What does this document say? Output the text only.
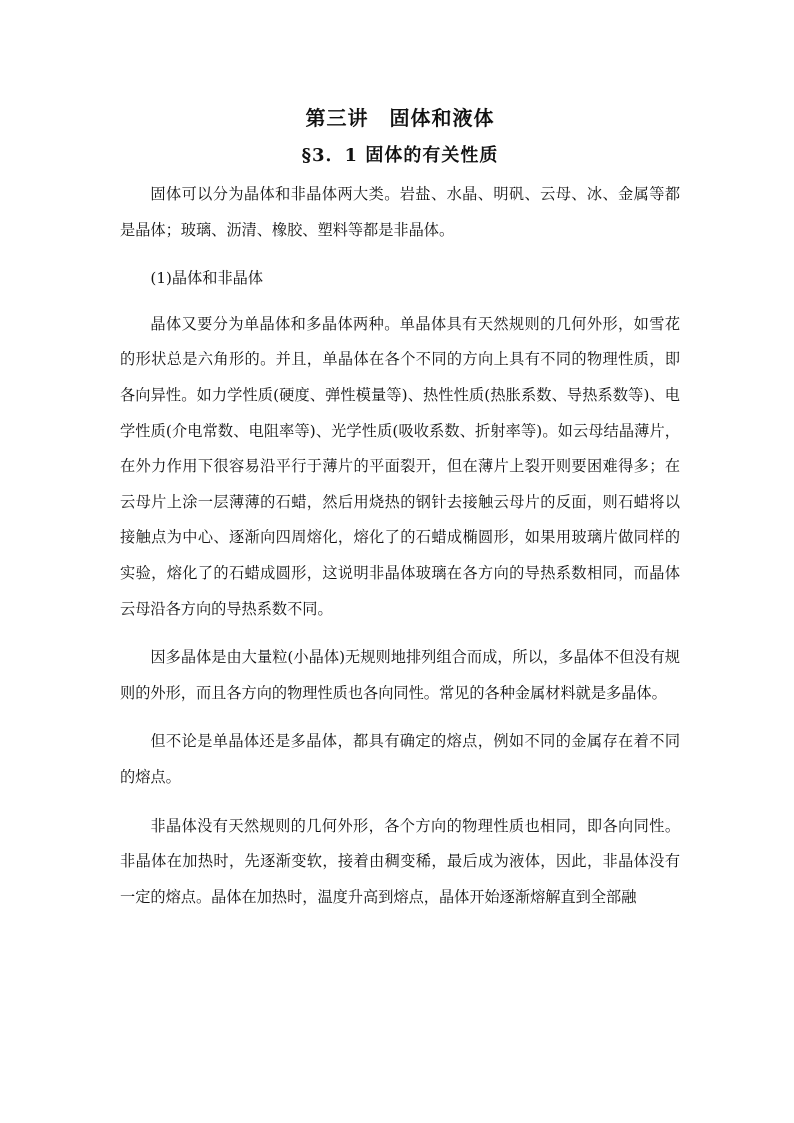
第三讲　固体和液体
§3．1 固体的有关性质

固体可以分为晶体和非晶体两大类。岩盐、水晶、明矾、云母、冰、金属等都是晶体；玻璃、沥清、橡胶、塑料等都是非晶体。

(1)晶体和非晶体

晶体又要分为单晶体和多晶体两种。单晶体具有天然规则的几何外形，如雪花的形状总是六角形的。并且，单晶体在各个不同的方向上具有不同的物理性质，即各向异性。如力学性质(硬度、弹性模量等)、热性性质(热胀系数、导热系数等)、电学性质(介电常数、电阻率等)、光学性质(吸收系数、折射率等)。如云母结晶薄片，在外力作用下很容易沿平行于薄片的平面裂开，但在薄片上裂开则要困难得多；在云母片上涂一层薄薄的石蜡，然后用烧热的钢针去接触云母片的反面，则石蜡将以接触点为中心、逐渐向四周熔化，熔化了的石蜡成椭圆形，如果用玻璃片做同样的实验，熔化了的石蜡成圆形，这说明非晶体玻璃在各方向的导热系数相同，而晶体云母沿各方向的导热系数不同。

因多晶体是由大量粒(小晶体)无规则地排列组合而成，所以，多晶体不但没有规则的外形，而且各方向的物理性质也各向同性。常见的各种金属材料就是多晶体。

但不论是单晶体还是多晶体，都具有确定的熔点，例如不同的金属存在着不同的熔点。

非晶体没有天然规则的几何外形，各个方向的物理性质也相同，即各向同性。非晶体在加热时，先逐渐变软，接着由稠变稀，最后成为液体，因此，非晶体没有一定的熔点。晶体在加热时，温度升高到熔点，晶体开始逐渐熔解直到全部融
